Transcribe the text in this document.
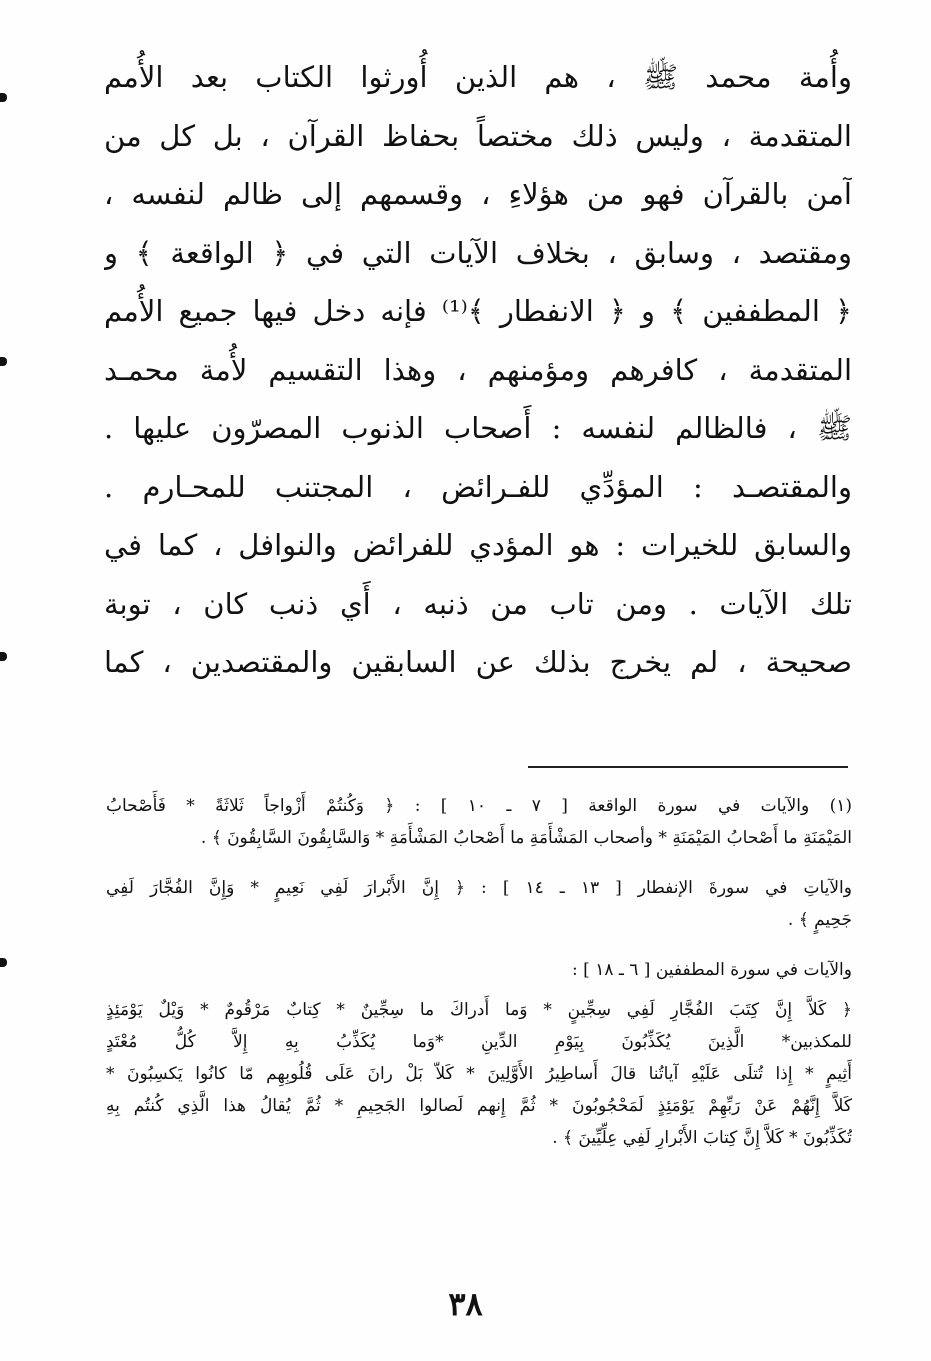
وأُمة محمد ﷺ ، هم الذين أُورثوا الكتاب بعد الأُمم
المتقدمة ، وليس ذلك مختصاً بحفاظ القرآن ، بل كل من
آمن بالقرآن فهو من هؤلاءِ ، وقسمهم إلى ظالم لنفسه ،
ومقتصد ، وسابق ، بخلاف الآيات التي في ﴿ الواقعة ﴾ و
﴿ المطففين ﴾ و ﴿ الانفطار ﴾⁽¹⁾ فإنه دخل فيها جميع الأُمم
المتقدمة ، كافرهم ومؤمنهم ، وهذا التقسيم لأُمة محمـد
ﷺ ، فالظالم لنفسه : أَصحاب الذنوب المصرّون عليها .
والمقتصـد : المؤدِّي للفـرائض ، المجتنب للمحـارم .
والسابق للخيرات : هو المؤدي للفرائض والنوافل ، كما في
تلك الآيات . ومن تاب من ذنبه ، أَي ذنب كان ، توبة
صحيحة ، لم يخرج بذلك عن السابقين والمقتصدين ، كما
(١) والآيات في سورة الواقعة [ ٧ ـ ١٠ ] : ﴿ وَكُنتُمْ أَزْواجاً ثَلاثَةً * فَأَصْحابُ
المَيْمَنَةِ ما أَصْحابُ المَيْمَنَةِ * وأصحاب المَشْأَمَةِ ما أَصْحابُ المَشْأَمَةِ * وَالسَّابِقُونَ السَّابِقُونَ ﴾ .
والآياتِ في سورةَ الإنفطار [ ١٣ ـ ١٤ ] : ﴿ إِنَّ الأَبْرارَ لَفِي نَعِيمٍ * وَإِنَّ الفُجَّارَ لَفِي
جَحِيمٍ ﴾ .
والآيات في سورة المطففين [ ٦ ـ ١٨ ] :
﴿ كَلاَّ إِنَّ كِتَبَ الفُجَّارِ لَفِي سِجِّينٍ * وَما أَدراكَ ما سِجِّينٌ * كِتابٌ مَرْقُومٌ * وَيْلٌ يَوْمَئِذٍ
للمكذبين* الَّذِينَ يُكَذِّبُونَ بِيَوْمِ الدِّينِ *وَما يُكَذِّبُ بِهِ إِلاَّ كُلُّ مُعْتَدٍ
أَثِيمٍ * إِذا تُتلَى عَلَيْهِ آياتُنا قالَ أَساطِيرُ الأَوَّلِينَ * كَلاّ بَلْ رانَ عَلَى قُلُوبِهِم مّا كانُوا يَكسِبُونَ *
كَلاَّ إِنَّهُمْ عَنْ رَبِّهِمْ يَوْمَئِذٍ لَمَحْجُوبُونَ * ثُمَّ إِنهم لَصالوا الجَحِيمِ * ثُمَّ يُقالُ هذا الَّذِي كُنتُم بِهِ
تُكَذِّبُونَ * كَلاَّ إِنَّ كِتابَ الأَبْرارِ لَفِي عِلِّيِّينَ ﴾ .
٣٨
